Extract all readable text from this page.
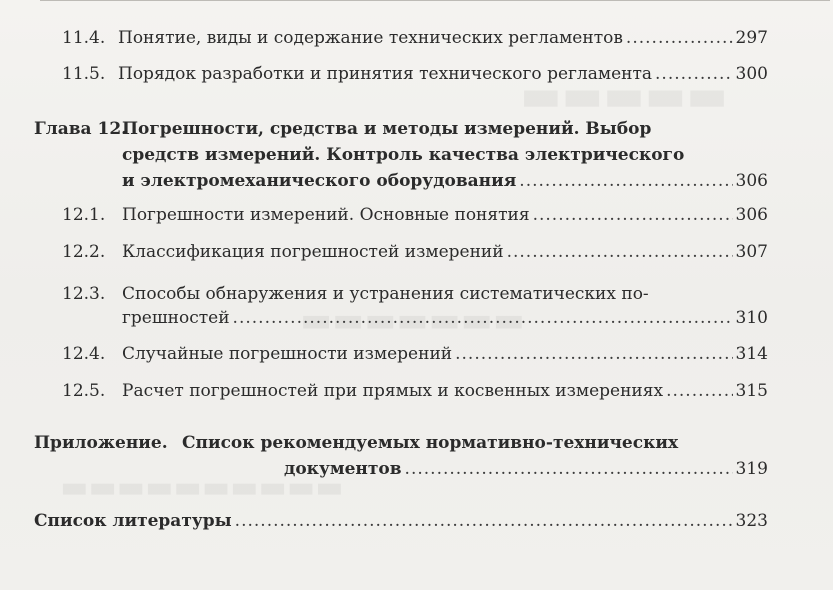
11.4. Понятие, виды и содержание технических регламентов .....	297
11.5. Порядок разработки и принятия технического регламента .....	300
Глава 12.
Погрешности, средства и методы измерений. Выбор
средств измерений. Контроль качества электрического
и электромеханического оборудования .....	306
12.1. Погрешности измерений. Основные понятия .....	306
12.2. Классификация погрешностей измерений .....	307
12.3. Способы обнаружения и устранения систематических по-
грешностей .....	310
12.4. Случайные погрешности измерений .....	314
12.5. Расчет погрешностей при прямых и косвенных измерениях .....	315
Приложение. Список рекомендуемых нормативно-технических
документов .....	319
Список литературы .....	323
